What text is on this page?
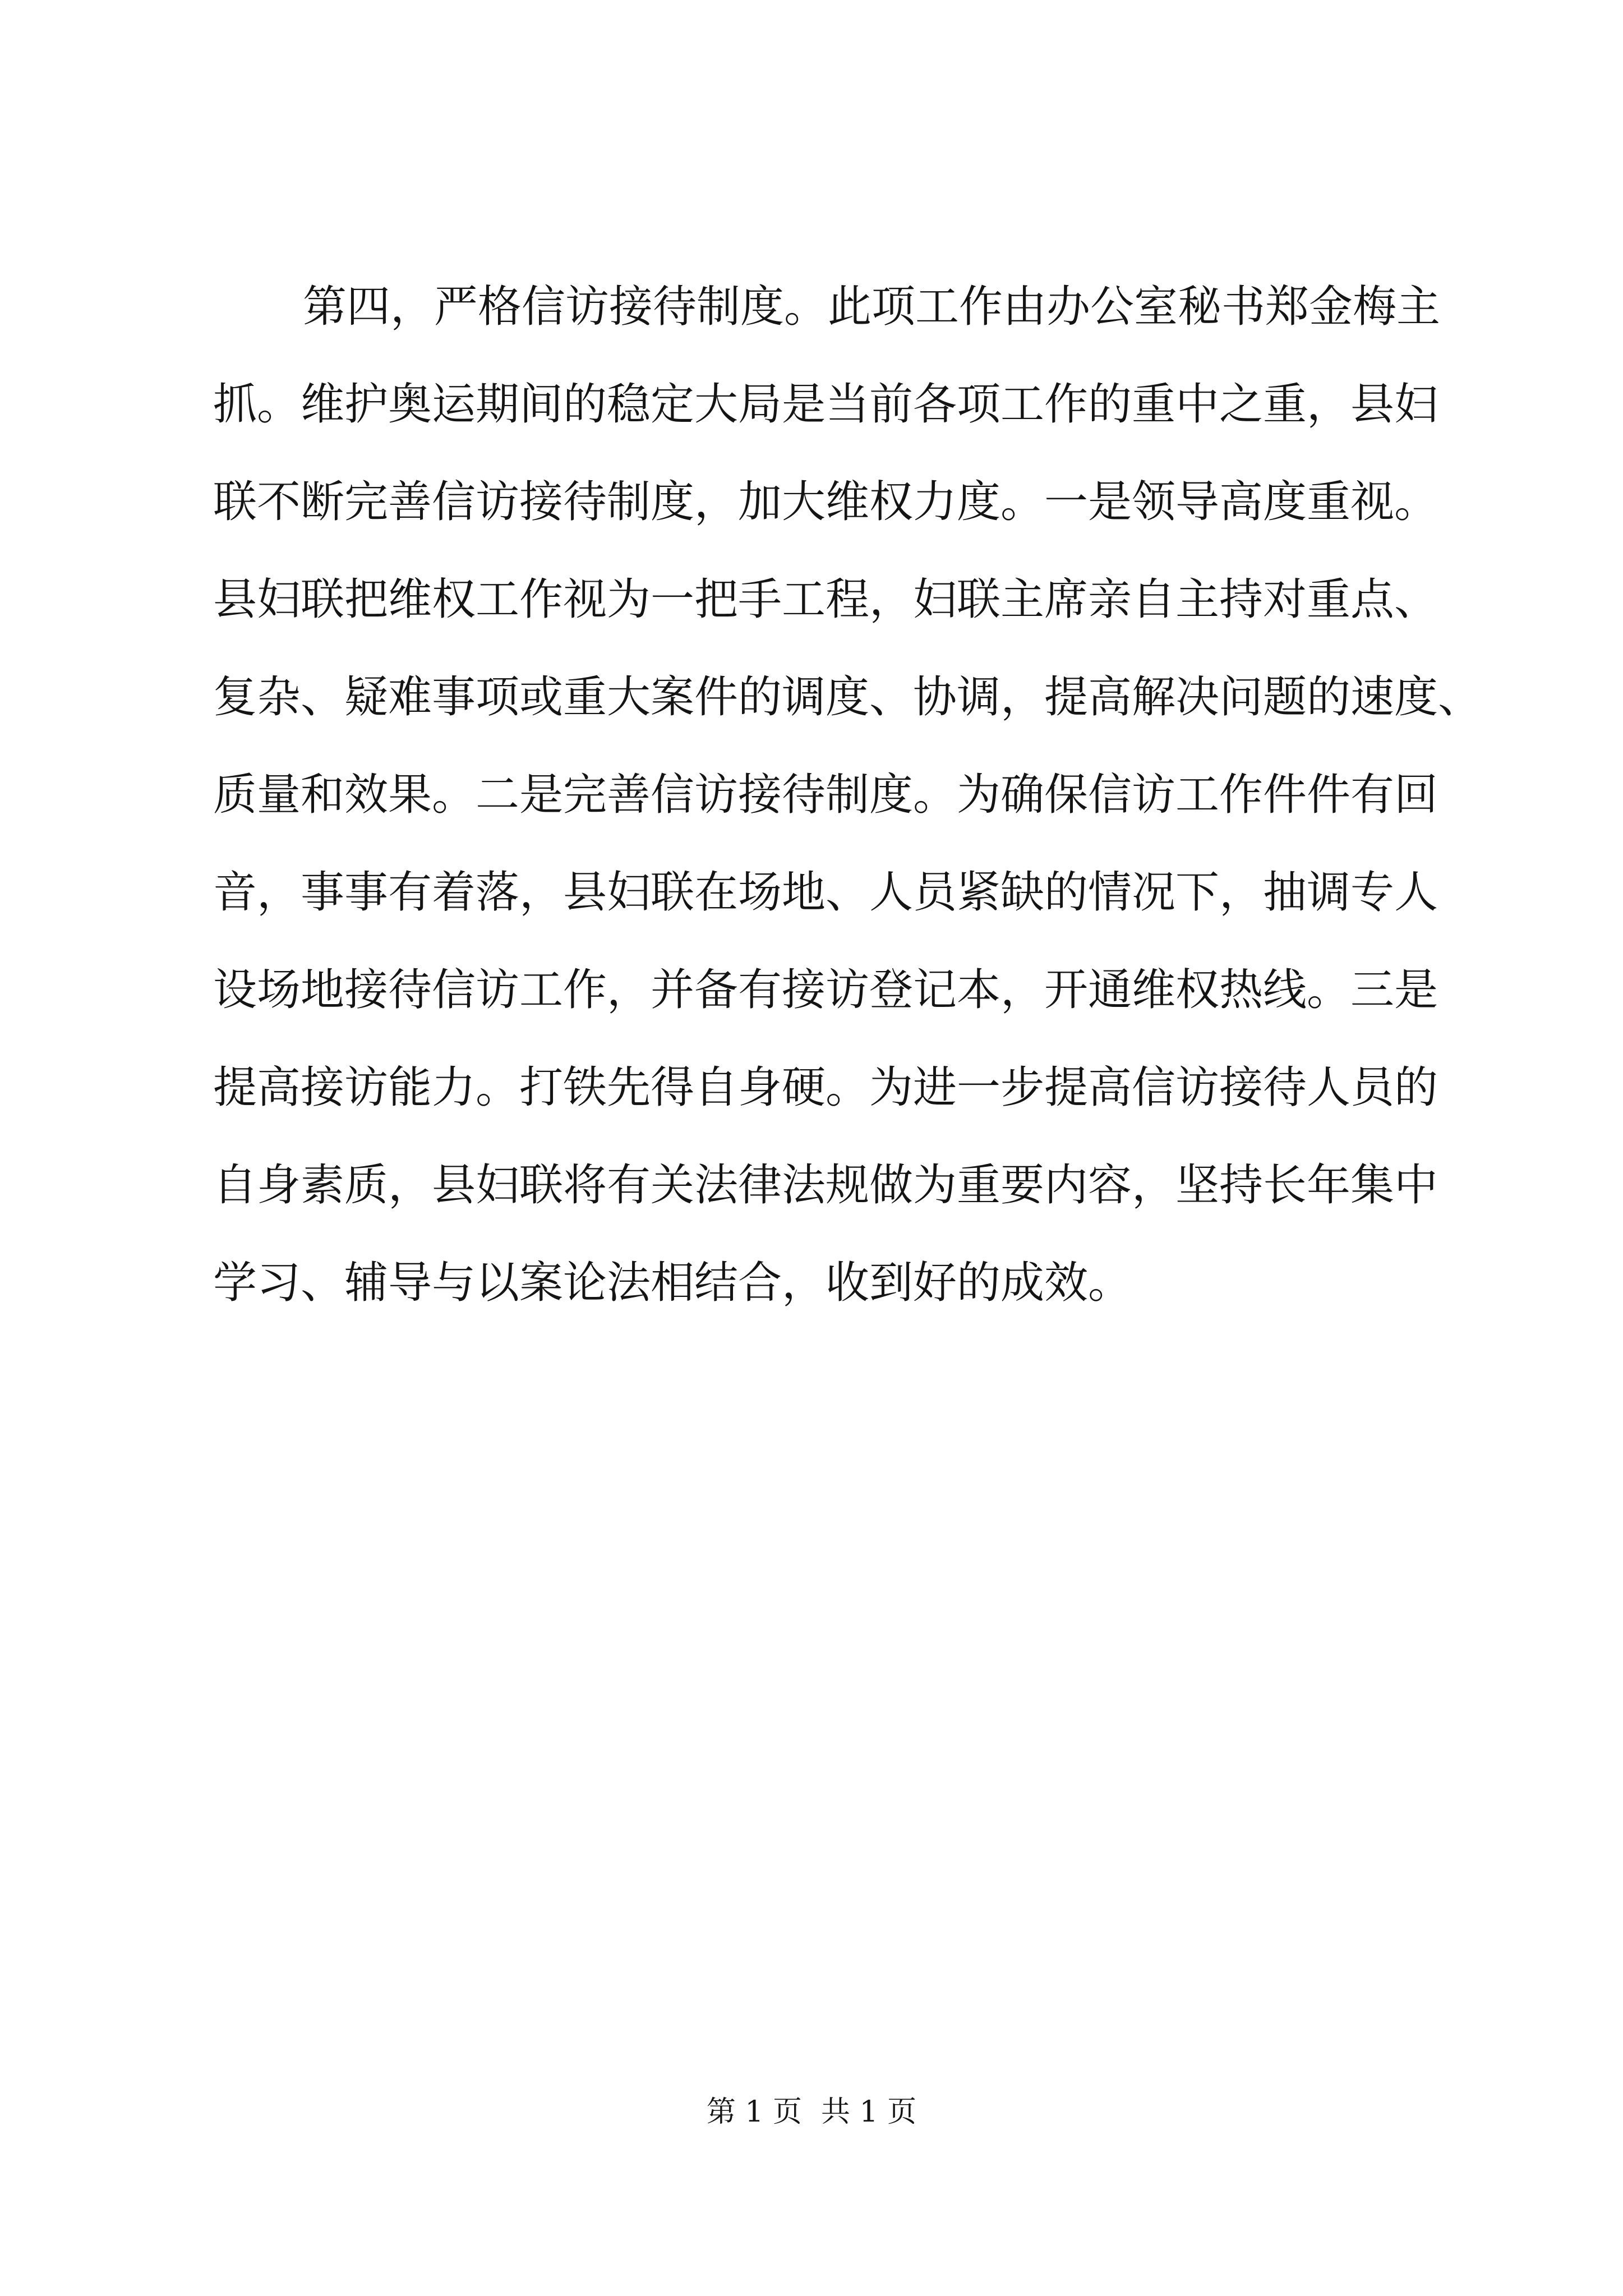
第四，严格信访接待制度。此项工作由办公室秘书郑金梅主
抓。维护奥运期间的稳定大局是当前各项工作的重中之重，县妇
联不断完善信访接待制度，加大维权力度。一是领导高度重视。
县妇联把维权工作视为一把手工程，妇联主席亲自主持对重点、
复杂、疑难事项或重大案件的调度、协调，提高解决问题的速度、
质量和效果。二是完善信访接待制度。为确保信访工作件件有回
音，事事有着落，县妇联在场地、人员紧缺的情况下，抽调专人
设场地接待信访工作，并备有接访登记本，开通维权热线。三是
提高接访能力。打铁先得自身硬。为进一步提高信访接待人员的
自身素质，县妇联将有关法律法规做为重要内容，坚持长年集中
学习、辅导与以案论法相结合，收到好的成效。
第 1 页 共 1 页
